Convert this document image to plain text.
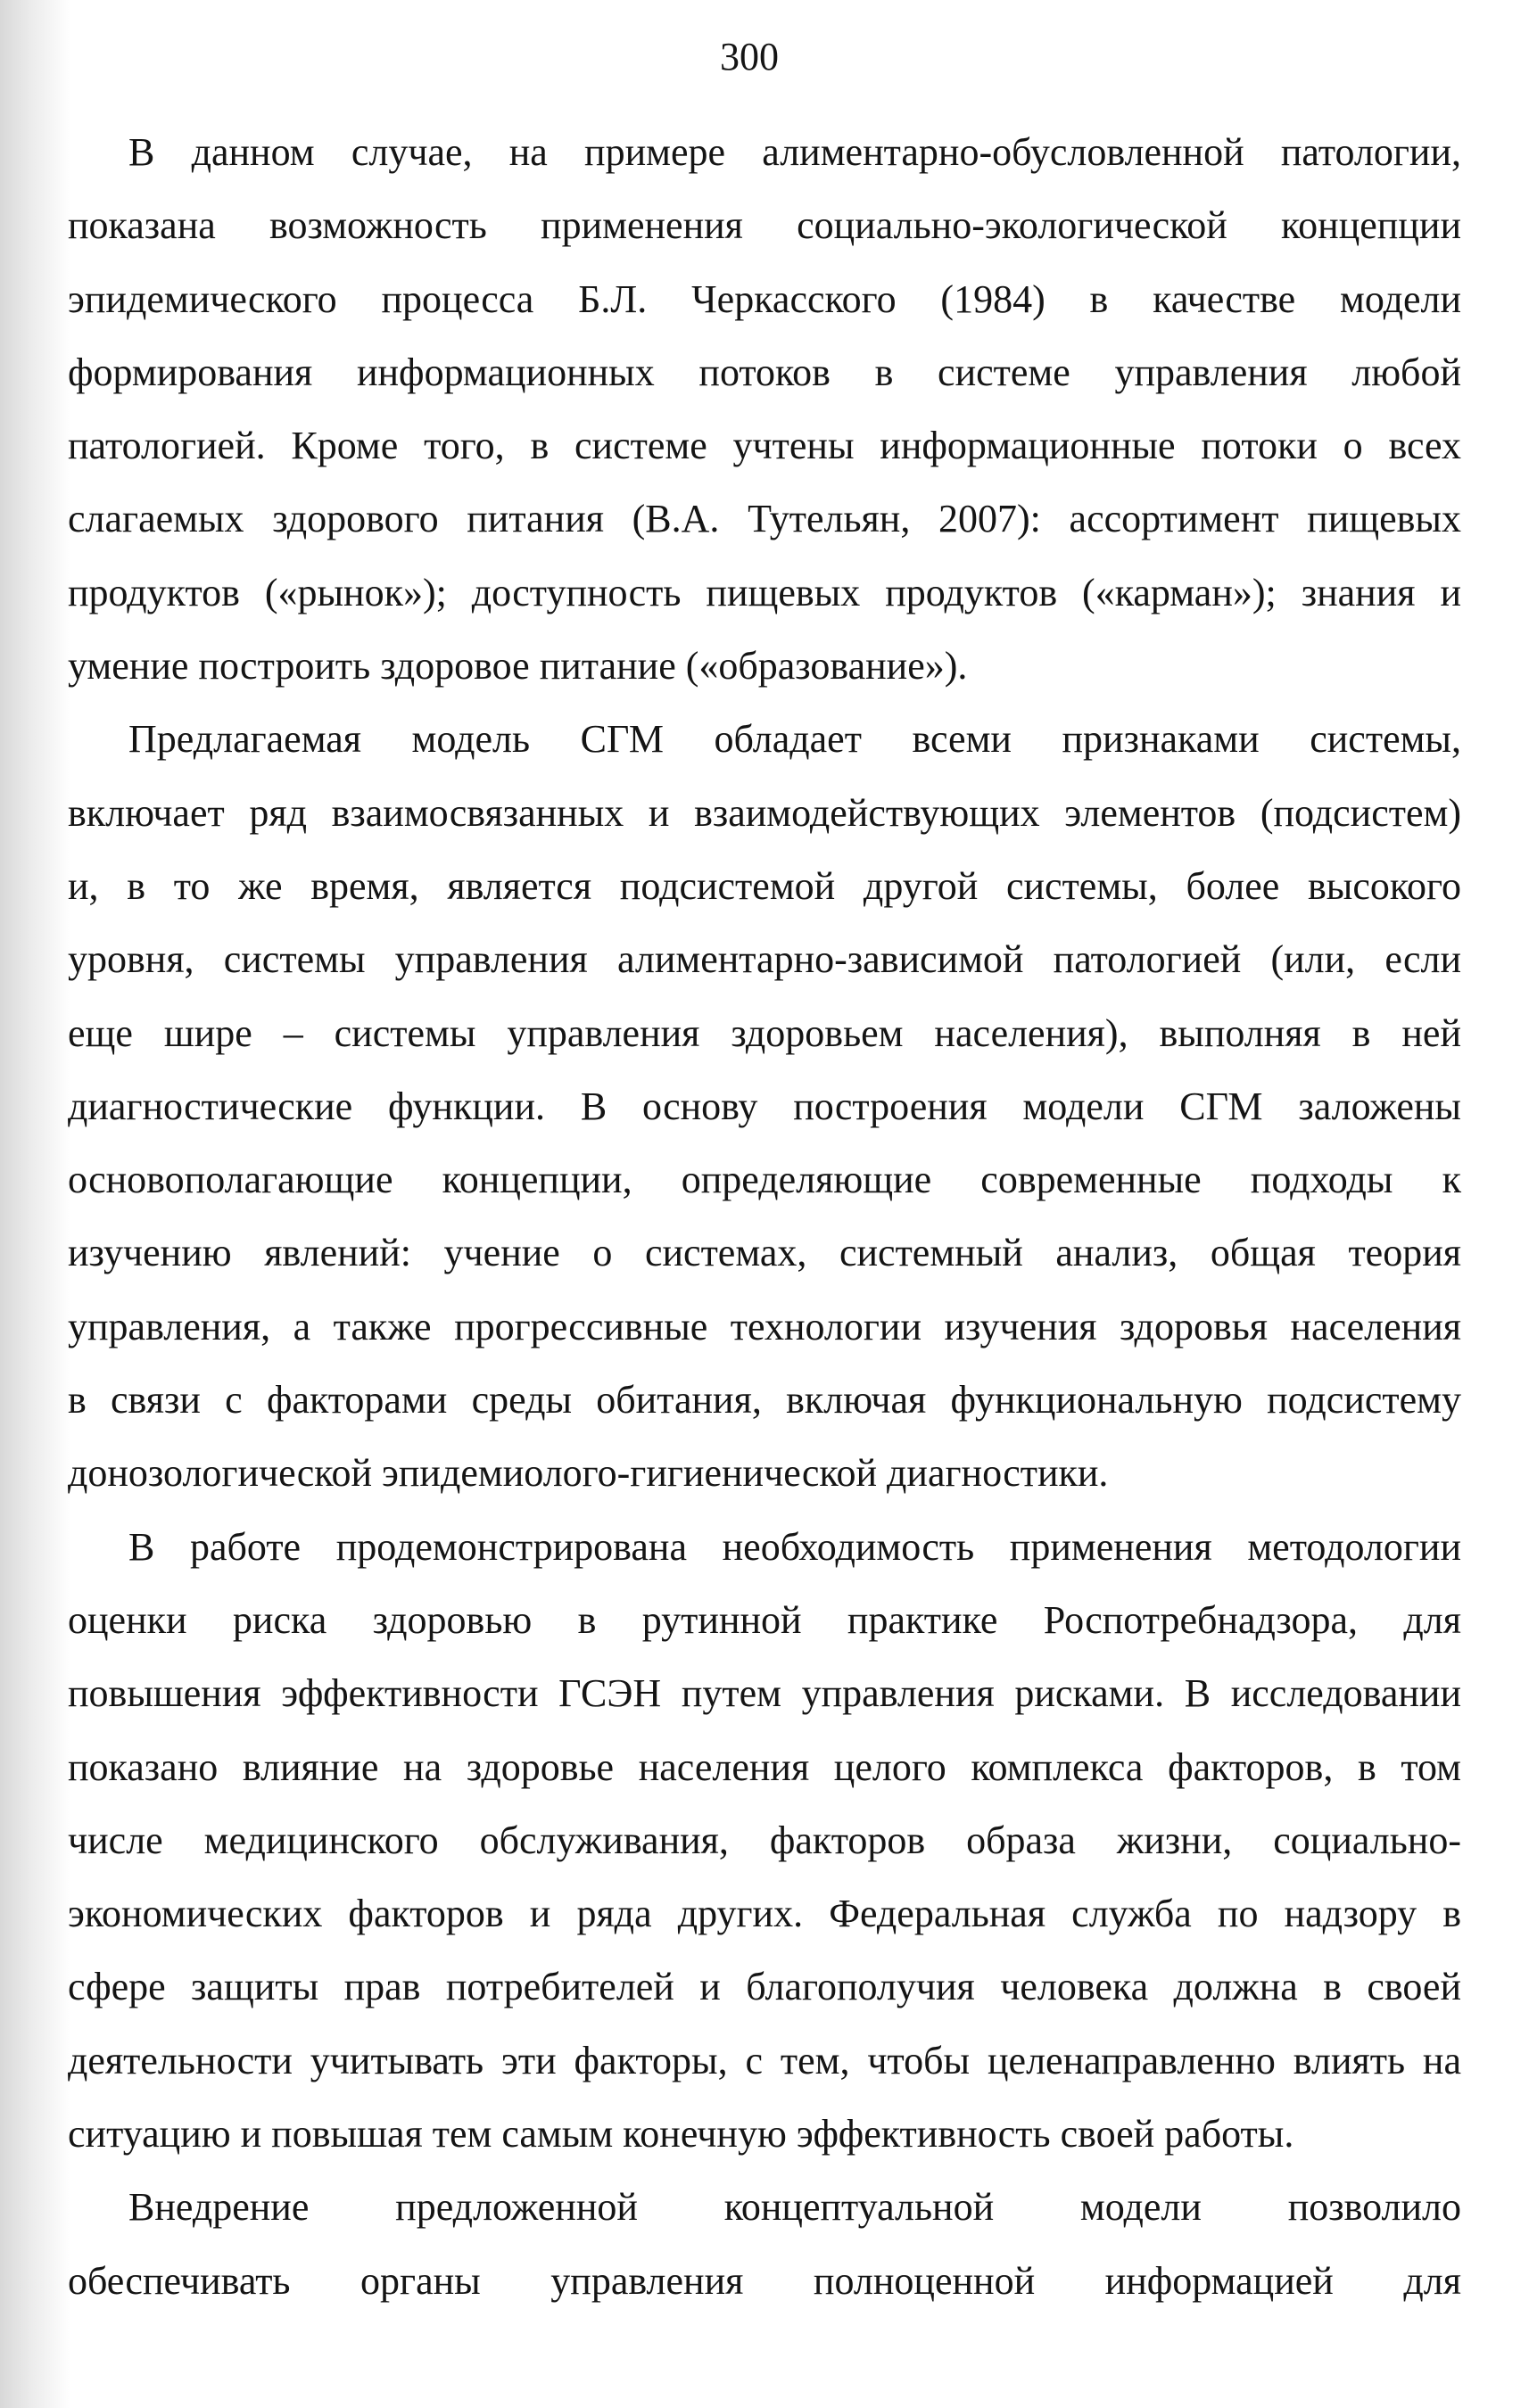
300

В данном случае, на примере алиментарно-обусловленной патологии,
показана возможность применения социально-экологической концепции
эпидемического процесса Б.Л. Черкасского (1984) в качестве модели
формирования информационных потоков в системе управления любой
патологией. Кроме того, в системе учтены информационные потоки о всех
слагаемых здорового питания (В.А. Тутельян, 2007): ассортимент пищевых
продуктов («рынок»); доступность пищевых продуктов («карман»); знания и
умение построить здоровое питание («образование»).

Предлагаемая модель СГМ обладает всеми признаками системы,
включает ряд взаимосвязанных и взаимодействующих элементов (подсистем)
и, в то же время, является подсистемой другой системы, более высокого
уровня, системы управления алиментарно-зависимой патологией (или, если
еще шире – системы управления здоровьем населения), выполняя в ней
диагностические функции. В основу построения модели СГМ заложены
основополагающие концепции, определяющие современные подходы к
изучению явлений: учение о системах, системный анализ, общая теория
управления, а также прогрессивные технологии изучения здоровья населения
в связи с факторами среды обитания, включая функциональную подсистему
донозологической эпидемиолого-гигиенической диагностики.

В работе продемонстрирована необходимость применения методологии
оценки риска здоровью в рутинной практике Роспотребнадзора, для
повышения эффективности ГСЭН путем управления рисками. В исследовании
показано влияние на здоровье населения целого комплекса факторов, в том
числе медицинского обслуживания, факторов образа жизни, социально-
экономических факторов и ряда других. Федеральная служба по надзору в
сфере защиты прав потребителей и благополучия человека должна в своей
деятельности учитывать эти факторы, с тем, чтобы целенаправленно влиять на
ситуацию и повышая тем самым конечную эффективность своей работы.

Внедрение предложенной концептуальной модели позволило
обеспечивать органы управления полноценной информацией для
